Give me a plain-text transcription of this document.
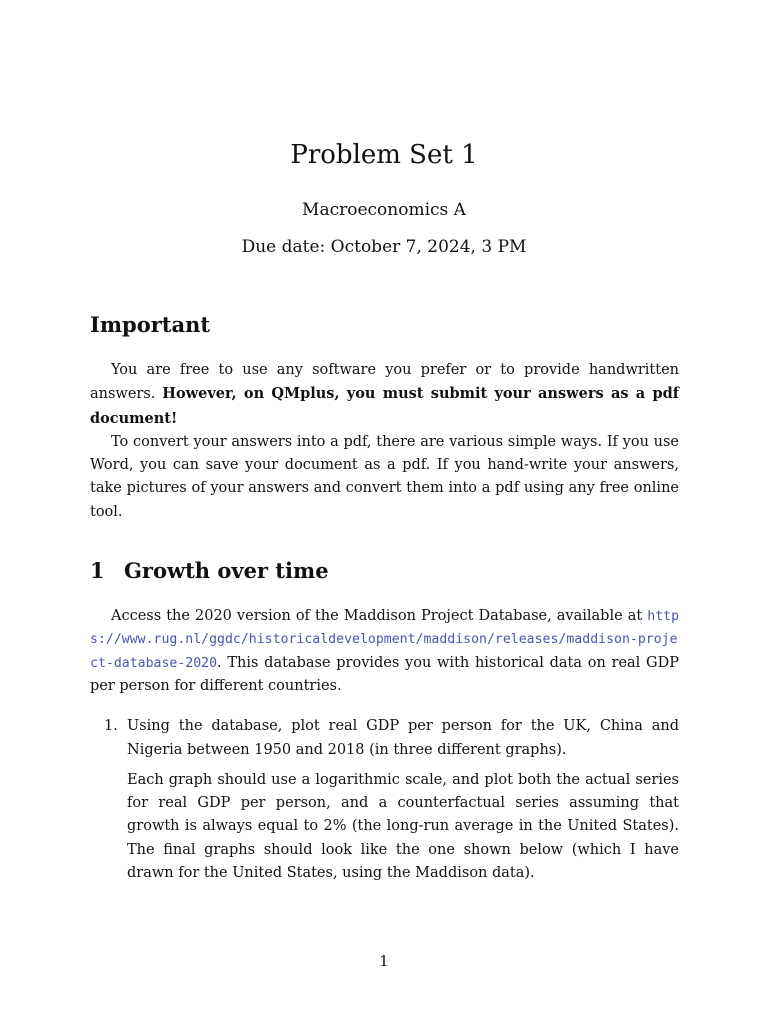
Problem Set 1
Macroeconomics A
Due date: October 7, 2024, 3 PM
Important

You are free to use any software you prefer or to provide handwritten answers. However, on QMplus, you must submit your answers as a pdf document!

To convert your answers into a pdf, there are various simple ways. If you use Word, you can save your document as a pdf. If you hand-write your answers, take pictures of your answers and convert them into a pdf using any free online tool.

1 Growth over time

Access the 2020 version of the Maddison Project Database, available at https://www.rug.nl/ggdc/historicaldevelopment/maddison/releases/maddison-project-database-2020. This database provides you with historical data on real GDP per person for different countries.

1. Using the database, plot real GDP per person for the UK, China and Nigeria between 1950 and 2018 (in three different graphs).

Each graph should use a logarithmic scale, and plot both the actual series for real GDP per person, and a counterfactual series assuming that growth is always equal to 2% (the long-run average in the United States). The final graphs should look like the one shown below (which I have drawn for the United States, using the Maddison data).

1
